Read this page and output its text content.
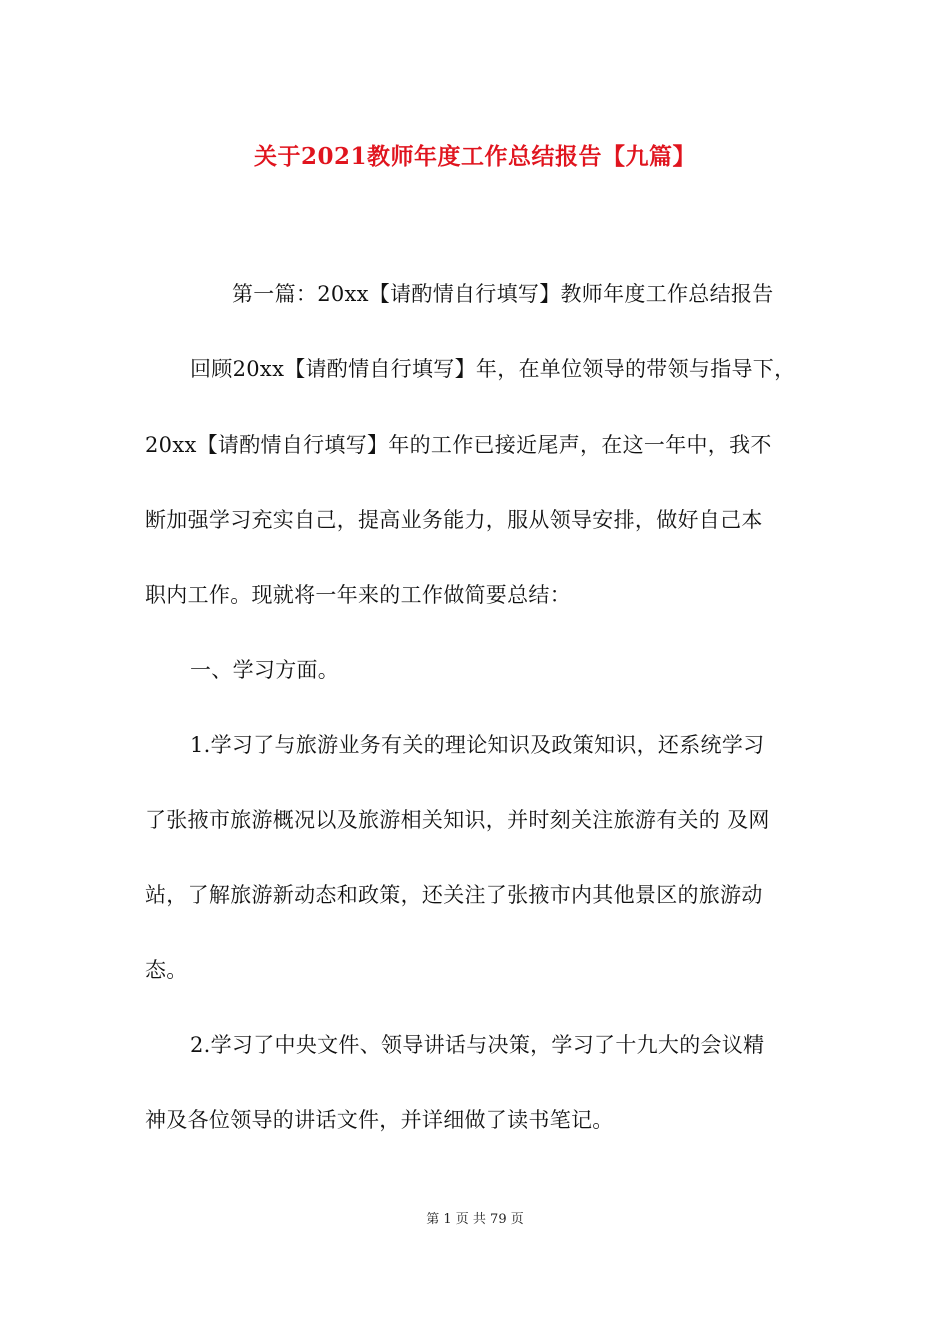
关于2021教师年度工作总结报告【九篇】
第一篇：20xx【请酌情自行填写】教师年度工作总结报告
回顾20xx【请酌情自行填写】年，在单位领导的带领与指导下，
20xx【请酌情自行填写】年的工作已接近尾声，在这一年中，我不
断加强学习充实自己，提高业务能力，服从领导安排，做好自己本
职内工作。现就将一年来的工作做简要总结：
一、学习方面。
1.学习了与旅游业务有关的理论知识及政策知识，还系统学习
了张掖市旅游概况以及旅游相关知识，并时刻关注旅游有关的 及网
站，了解旅游新动态和政策，还关注了张掖市内其他景区的旅游动
态。
2.学习了中央文件、领导讲话与决策，学习了十九大的会议精
神及各位领导的讲话文件，并详细做了读书笔记。
第 1 页 共 79 页
